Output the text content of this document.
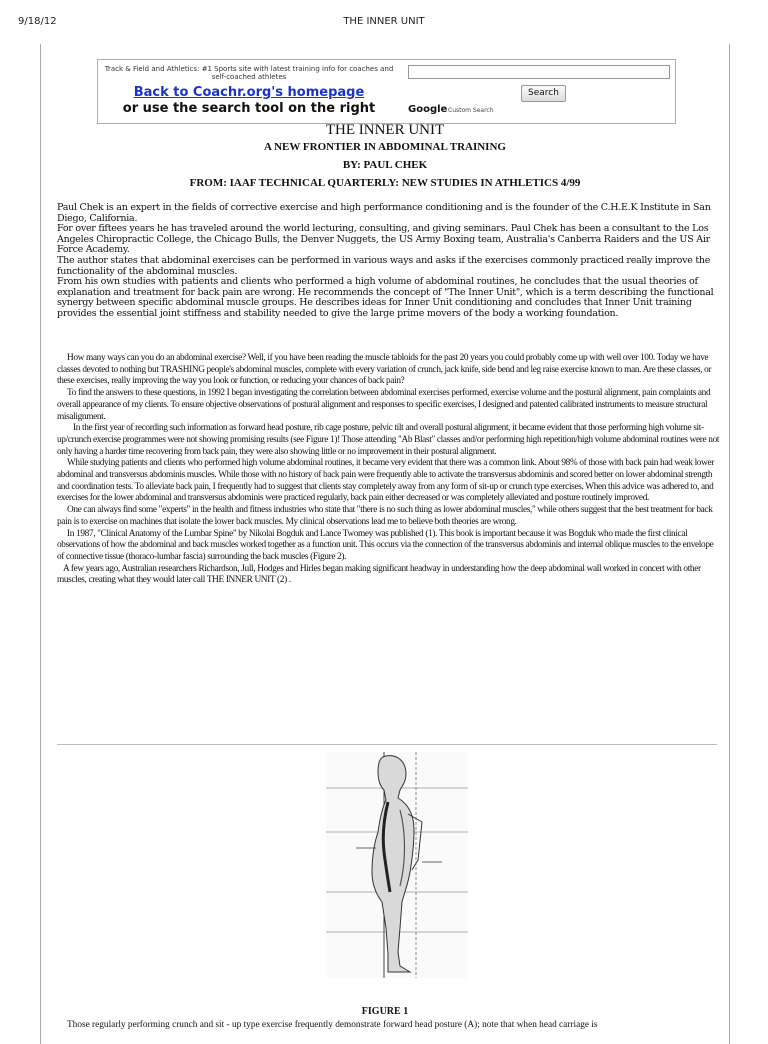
9/18/12	THE INNER UNIT
Track & Field and Athletics: #1 Sports site with latest training info for coaches and self-coached athletes
Back to Coachr.org's homepage
or use the search tool on the right
Search
Google Custom Search
THE INNER UNIT
A NEW FRONTIER IN ABDOMINAL TRAINING
BY: PAUL CHEK
FROM: IAAF TECHNICAL QUARTERLY: NEW STUDIES IN ATHLETICS 4/99

Paul Chek is an expert in the fields of corrective exercise and high performance conditioning and is the founder of the C.H.E.K Institute in San Diego, California.

For over fiftees years he has traveled around the world lecturing, consulting, and giving seminars. Paul Chek has been a consultant to the Los Angeles Chiropractic College, the Chicago Bulls, the Denver Nuggets, the US Army Boxing team, Australia's Canberra Raiders and the US Air Force Academy.

The author states that abdominal exercises can be performed in various ways and asks if the exercises commonly practiced really improve the functionality of the abdominal muscles.

From his own studies with patients and clients who performed a high volume of abdominal routines, he concludes that the usual theories of explanation and treatment for back pain are wrong. He recommends the concept of "The Inner Unit", which is a term describing the functional synergy between specific abdominal muscle groups. He describes ideas for Inner Unit conditioning and concludes that Inner Unit training provides the essential joint stiffness and stability needed to give the large prime movers of the body a working foundation.

How many ways can you do an abdominal exercise? Well, if you have been reading the muscle tabloids for the past 20 years you could probably come up with well over 100. Today we have classes devoted to nothing but TRASHING people's abdominal muscles, complete with every variation of crunch, jack knife, side bend and leg raise exercise known to man. Are these classes, or these exercises, really improving the way you look or function, or reducing your chances of back pain?

To find the answers to these questions, in 1992 I began investigating the correlation between abdominal exercises performed, exercise volume and the postural alignment, pain complaints and overall appearance of my clients. To ensure objective observations of postural alignment and responses to specific exercises, I designed and patented calibrated instruments to measure structural misalignment.

In the first year of recording such information as forward head posture, rib cage posture, pelvic tilt and overall postural alignment, it became evident that those performing high volume sit-up/crunch exercise programmes were not showing promising results (see Figure 1)! Those attending "Ab Blast" classes and/or performing high repetition/high volume abdominal routines were not only having a harder time recovering from back pain, they were also showing little or no improvement in their postural alignment.

While studying patients and clients who performed high volume abdominal routines, it became very evident that there was a common link. About 98% of those with back pain had weak lower abdominal and transversus abdominis muscles. While those with no history of back pain were frequently able to activate the transversus abdominis and scored better on lower abdominal strength and coordination tests. To alleviate back pain, I frequently had to suggest that clients stay completely away from any form of sit-up or crunch type exercises. When this advice was adhered to, and exercises for the lower abdominal and transversus abdominis were practiced regularly, back pain either decreased or was completely alleviated and posture routinely improved.

One can always find some "experts" in the health and fitness industries who state that "there is no such thing as lower abdominal muscles," while others suggest that the best treatment for back pain is to exercise on machines that isolate the lower back muscles. My clinical observations lead me to believe both theories are wrong.

In 1987, "Clinical Anatomy of the Lumbar Spine" by Nikolai Bogduk and Lance Twomey was published (1). This book is important because it was Bogduk who made the first clinical observations of how the abdominal and back muscles worked together as a function unit. This occurs via the connection of the transversus abdominis and internal oblique muscles to the envelope of connective tissue (thoraco-lumbar fascia) surrounding the back muscles (Figure 2).

A few years ago, Australian researchers Richardson, Jull, Hodges and Hirles began making significant headway in understanding how the deep abdominal wall worked in concert with other muscles, creating what they would later call THE INNER UNIT (2) .

FIGURE 1
Those regularly performing crunch and sit - up type exercise frequently demonstrate forward head posture (A); note that when head carriage is
